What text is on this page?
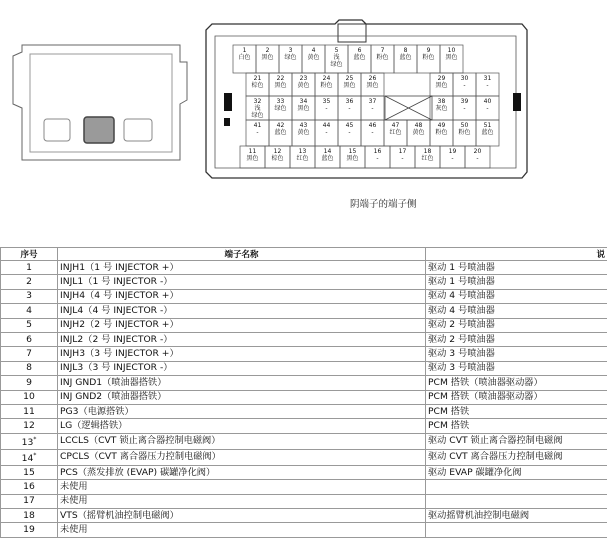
1
白色
2
黑色
3
绿色
4
黄色
5
浅
绿色
6
蓝色
7
粉色
8
蓝色
9
粉色
10
黑色
21
棕色
22
黑色
23
黄色
24
粉色
25
黑色
26
黑色
29
黑色
30
-
31
-
32
浅
绿色
33
绿色
34
黑色
35
-
36
-
37
-
38
灰色
39
-
40
-
41
-
42
蓝色
43
黄色
44
-
45
-
46
-
47
红色
48
黄色
49
粉色
50
粉色
51
蓝色
11
黑色
12
棕色
13
红色
14
蓝色
15
黑色
16
-
17
-
18
红色
19
-
20
-
阴端子的端子侧
序号	端子名称	说
1	INJH1（1 号 INJECTOR +）	驱动 1 号喷油器
2	INJL1（1 号 INJECTOR -）	驱动 1 号喷油器
3	INJH4（4 号 INJECTOR +）	驱动 4 号喷油器
4	INJL4（4 号 INJECTOR -）	驱动 4 号喷油器
5	INJH2（2 号 INJECTOR +）	驱动 2 号喷油器
6	INJL2（2 号 INJECTOR -）	驱动 2 号喷油器
7	INJH3（3 号 INJECTOR +）	驱动 3 号喷油器
8	INJL3（3 号 INJECTOR -）	驱动 3 号喷油器
9	INJ GND1（喷油器搭铁）	PCM 搭铁（喷油器驱动器）
10	INJ GND2（喷油器搭铁）	PCM 搭铁（喷油器驱动器）
11	PG3（电源搭铁）	PCM 搭铁
12	LG（逻辑搭铁）	PCM 搭铁
13*	LCCLS（CVT 锁止离合器控制电磁阀）	驱动 CVT 锁止离合器控制电磁阀
14*	CPCLS（CVT 离合器压力控制电磁阀）	驱动 CVT 离合器压力控制电磁阀
15	PCS（蒸发排放 (EVAP) 碳罐净化阀）	驱动 EVAP 碳罐净化阀
16	未使用	
17	未使用	
18	VTS（摇臂机油控制电磁阀）	驱动摇臂机油控制电磁阀
19	未使用	
